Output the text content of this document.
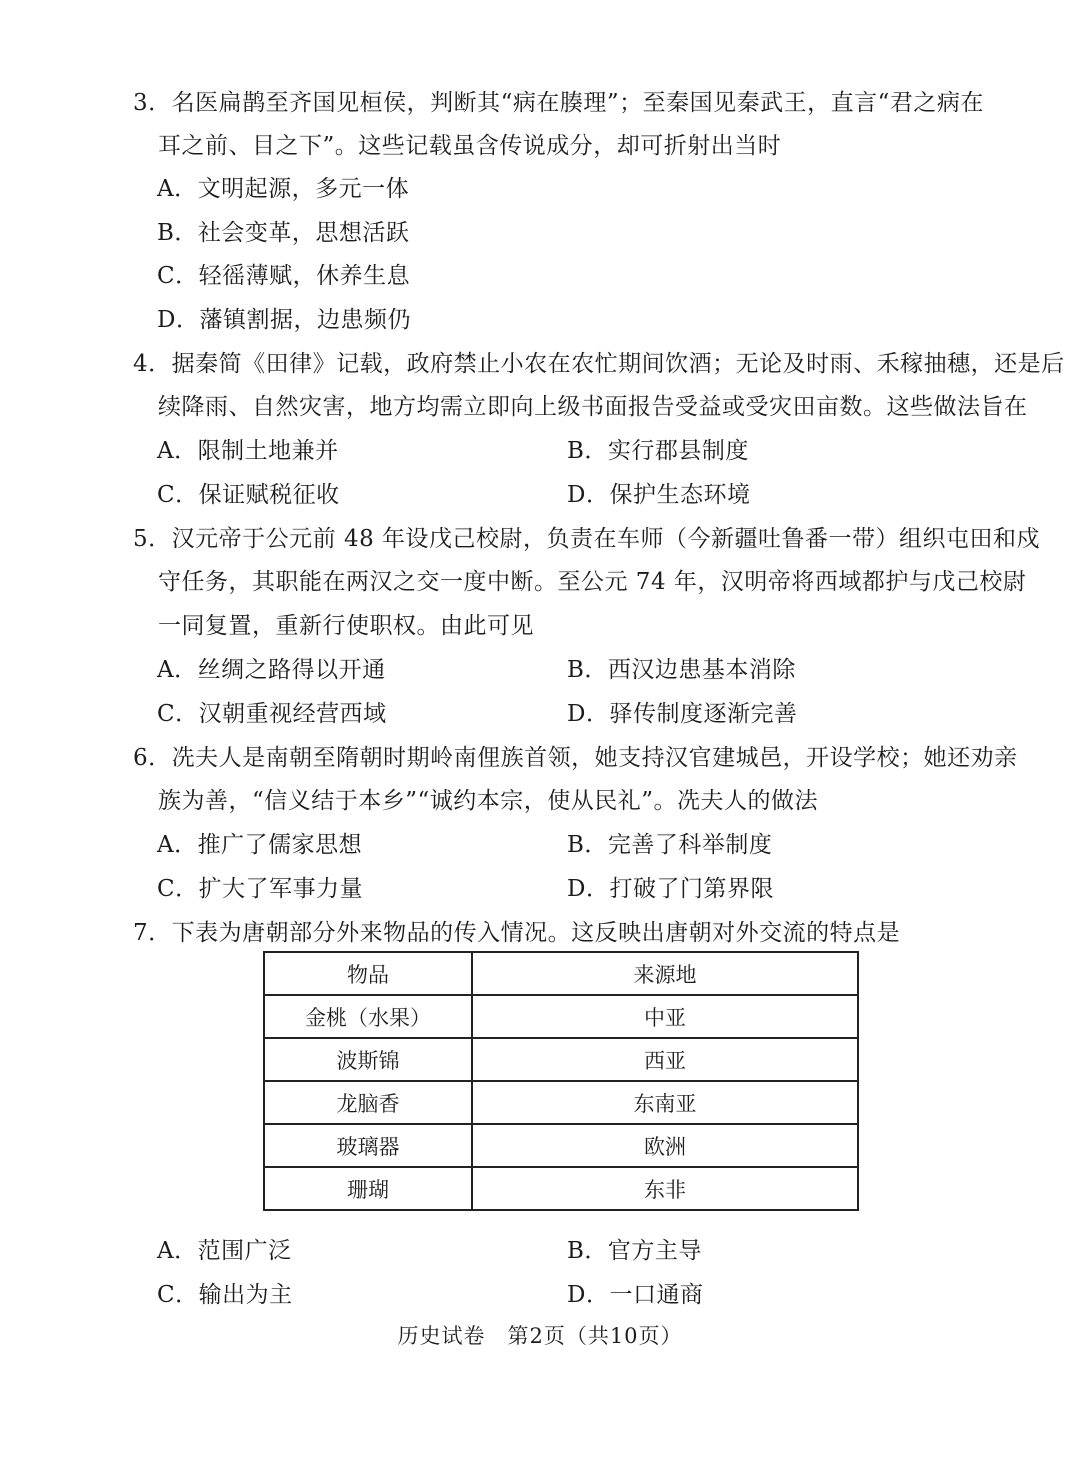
3．名医扁鹊至齐国见桓侯，判断其“病在腠理”；至秦国见秦武王，直言“君之病在
耳之前、目之下”。这些记载虽含传说成分，却可折射出当时
A．文明起源，多元一体
B．社会变革，思想活跃
C．轻徭薄赋，休养生息
D．藩镇割据，边患频仍
4．据秦简《田律》记载，政府禁止小农在农忙期间饮酒；无论及时雨、禾稼抽穗，还是后
续降雨、自然灾害，地方均需立即向上级书面报告受益或受灾田亩数。这些做法旨在
A．限制土地兼并	B．实行郡县制度
C．保证赋税征收	D．保护生态环境
5．汉元帝于公元前 48 年设戊己校尉，负责在车师（今新疆吐鲁番一带）组织屯田和戍
守任务，其职能在两汉之交一度中断。至公元 74 年，汉明帝将西域都护与戊己校尉
一同复置，重新行使职权。由此可见
A．丝绸之路得以开通	B．西汉边患基本消除
C．汉朝重视经营西域	D．驿传制度逐渐完善
6．冼夫人是南朝至隋朝时期岭南俚族首领，她支持汉官建城邑，开设学校；她还劝亲
族为善，“信义结于本乡”“诚约本宗，使从民礼”。冼夫人的做法
A．推广了儒家思想	B．完善了科举制度
C．扩大了军事力量	D．打破了门第界限
7．下表为唐朝部分外来物品的传入情况。这反映出唐朝对外交流的特点是
物品	来源地
金桃（水果）	中亚
波斯锦	西亚
龙脑香	东南亚
玻璃器	欧洲
珊瑚	东非
A．范围广泛	B．官方主导
C．输出为主	D．一口通商
历史试卷　第2页（共10页）
